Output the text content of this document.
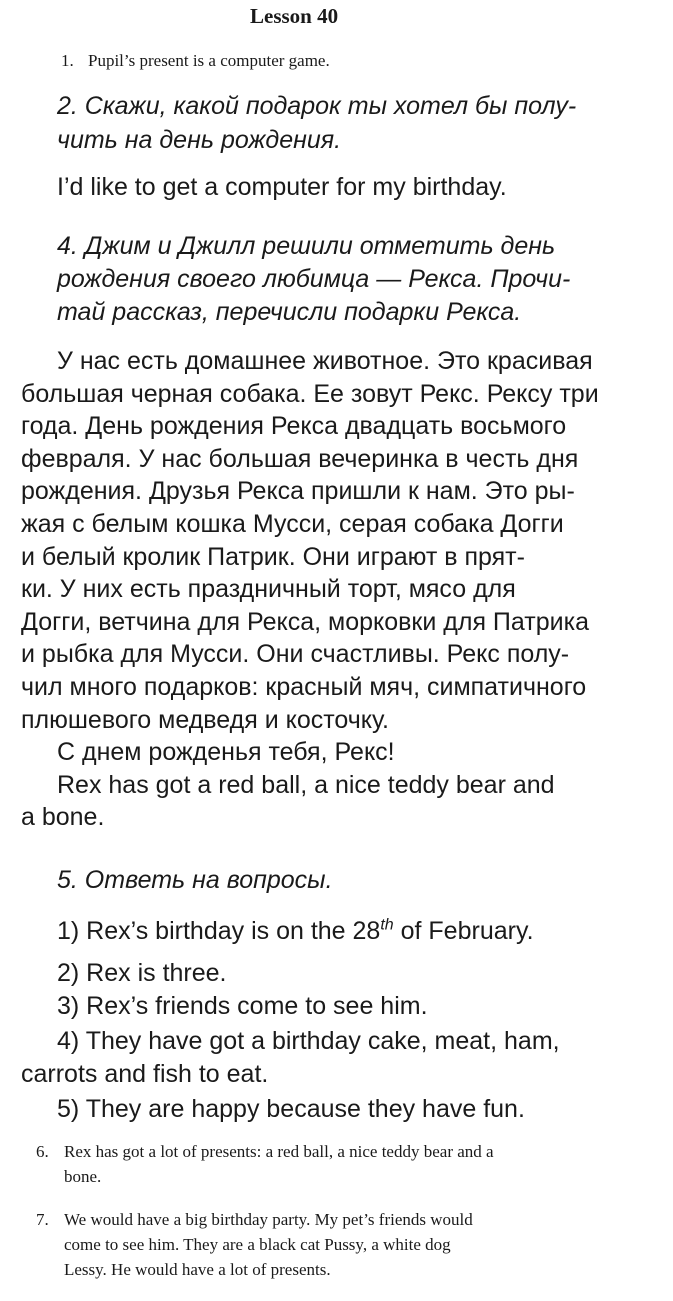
Lesson 40
1. Pupil’s present is a computer game.
2. Скажи, какой подарок ты хотел бы полу-
чить на день рождения.
I’d like to get a computer for my birthday.
4. Джим и Джилл решили отметить день
рождения своего любимца — Рекса. Прочи-
тай рассказ, перечисли подарки Рекса.
У нас есть домашнее животное. Это красивая
большая черная собака. Ее зовут Рекс. Рексу три
года. День рождения Рекса двадцать восьмого
февраля. У нас большая вечеринка в честь дня
рождения. Друзья Рекса пришли к нам. Это ры-
жая с белым кошка Мусси, серая собака Догги
и белый кролик Патрик. Они играют в прят-
ки. У них есть праздничный торт, мясо для
Догги, ветчина для Рекса, морковки для Патрика
и рыбка для Мусси. Они счастливы. Рекс полу-
чил много подарков: красный мяч, симпатичного
плюшевого медведя и косточку.
С днем рожденья тебя, Рекс!
Rex has got a red ball, a nice teddy bear and
a bone.
5. Ответь на вопросы.
1) Rex’s birthday is on the 28th of February.
2) Rex is three.
3) Rex’s friends come to see him.
4) They have got a birthday cake, meat, ham,
carrots and fish to eat.
5) They are happy because they have fun.
6. Rex has got a lot of presents: a red ball, a nice teddy bear and a
bone.
7. We would have a big birthday party. My pet’s friends would
come to see him. They are a black cat Pussy, a white dog
Lessy. He would have a lot of presents.
